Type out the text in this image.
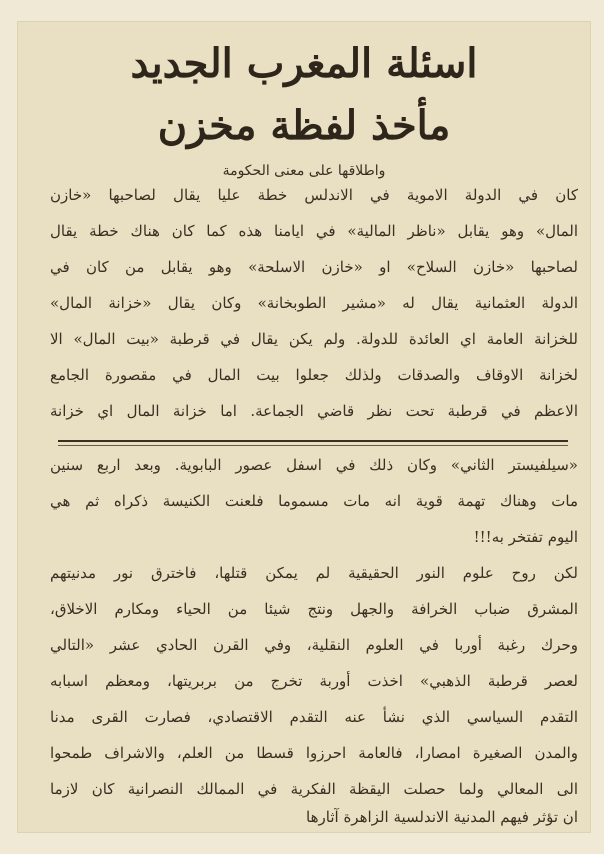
اسئلة المغرب الجديد
مأخذ لفظة مخزن
واطلاقها على معنى الحكومة
كان في الدولة الاموية في الاندلس خطة عليا يقال لصاحبها «خازن
المال» وهو يقابل «ناظر المالية» في ايامنا هذه كما كان هناك خطة يقال
لصاحبها «خازن السلاح» او «خازن الاسلحة» وهو يقابل من كان في
الدولة العثمانية يقال له «مشير الطوبخانة» وكان يقال «خزانة المال»
للخزانة العامة اي العائدة للدولة. ولم يكن يقال في قرطبة «بيت المال» الا
لخزانة الاوقاف والصدقات ولذلك جعلوا بيت المال في مقصورة الجامع
الاعظم في قرطبة تحت نظر قاضي الجماعة. اما خزانة المال اي خزانة
«سيلفيستر الثاني» وكان ذلك في اسفل عصور البابوية. وبعد اربع سنين
مات وهناك تهمة قوية انه مات مسموما فلعنت الكنيسة ذكراه ثم هي
اليوم تفتخر به!!!
لكن روح علوم النور الحقيقية لم يمكن قتلها، فاخترق نور مدنيتهم
المشرق ضباب الخرافة والجهل ونتج شيئا من الحياء ومكارم الاخلاق،
وحرك رغبة أوربا في العلوم النقلية، وفي القرن الحادي عشر «التالي
لعصر قرطبة الذهبي» اخذت أوربة تخرج من بربريتها، ومعظم اسبابه
التقدم السياسي الذي نشأ عنه التقدم الاقتصادي، فصارت القرى مدنا
والمدن الصغيرة امصارا، فالعامة احرزوا قسطا من العلم، والاشراف طمحوا
الى المعالي ولما حصلت اليقظة الفكرية في الممالك النصرانية كان لازما
ان تؤثر فيهم المدنية الاندلسية الزاهرة آثارها
